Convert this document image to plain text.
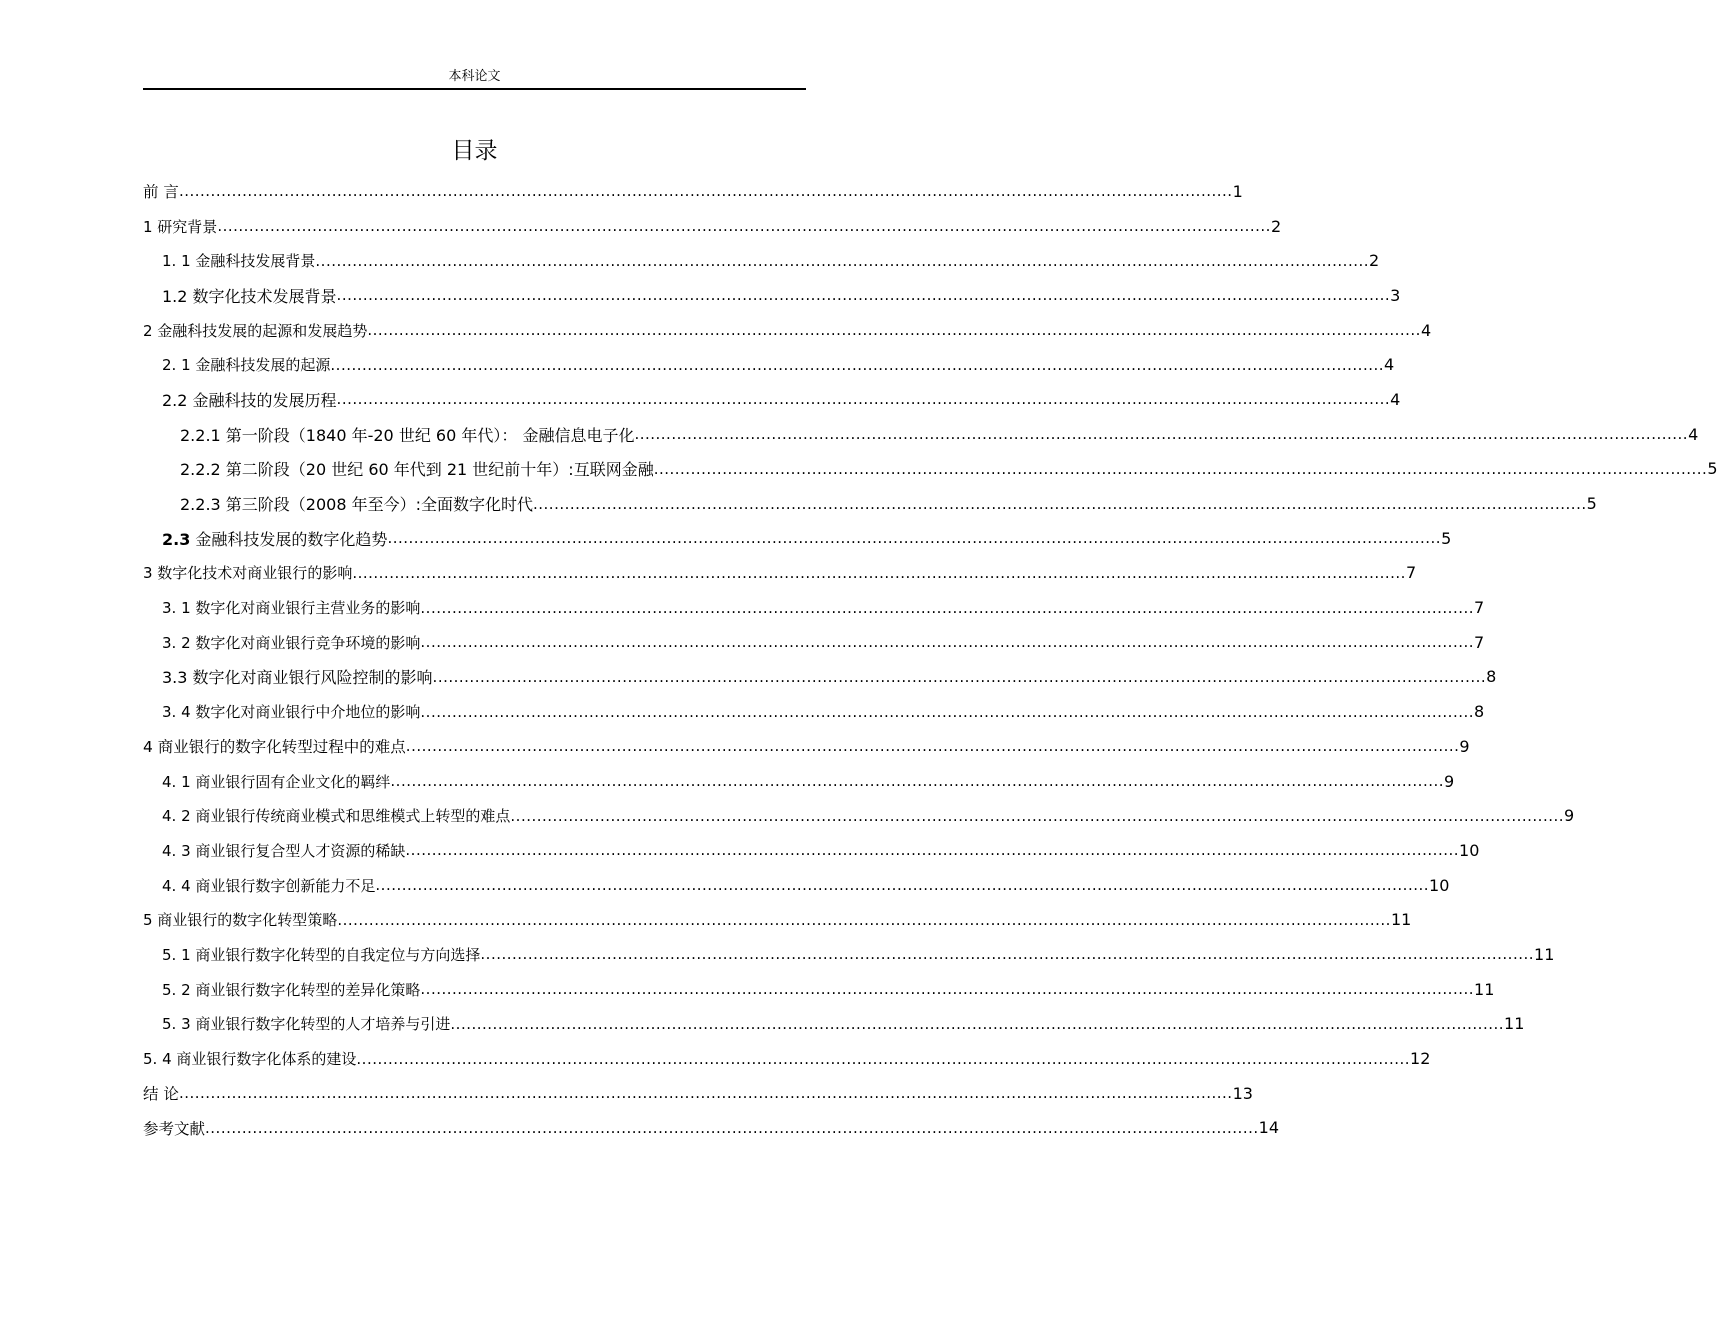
本科论文
目录
前 言 ........................................................................................................................................................................................................ 1
1 研究背景 ........................................................................................................................................................................................................ 2
1. 1 金融科技发展背景 ........................................................................................................................................................................................................ 2
1.2 数字化技术发展背景 ........................................................................................................................................................................................................ 3
2 金融科技发展的起源和发展趋势 ........................................................................................................................................................................................................ 4
2. 1 金融科技发展的起源 ........................................................................................................................................................................................................ 4
2.2 金融科技的发展历程 ........................................................................................................................................................................................................ 4
2.2.1 第一阶段（1840 年-20 世纪 60 年代）： 金融信息电子化 ........................................................................................................................................................................................................ 4
2.2.2 第二阶段（20 世纪 60 年代到 21 世纪前十年）:互联网金融 ........................................................................................................................................................................................................ 5
2.2.3 第三阶段（2008 年至今）:全面数字化时代 ........................................................................................................................................................................................................ 5
2.3 金融科技发展的数字化趋势 ........................................................................................................................................................................................................ 5
3 数字化技术对商业银行的影响 ........................................................................................................................................................................................................ 7
3. 1 数字化对商业银行主营业务的影响 ........................................................................................................................................................................................................ 7
3. 2 数字化对商业银行竞争环境的影响 ........................................................................................................................................................................................................ 7
3.3 数字化对商业银行风险控制的影响 ........................................................................................................................................................................................................ 8
3. 4 数字化对商业银行中介地位的影响 ........................................................................................................................................................................................................ 8
4 商业银行的数字化转型过程中的难点 ........................................................................................................................................................................................................ 9
4. 1 商业银行固有企业文化的羁绊 ........................................................................................................................................................................................................ 9
4. 2 商业银行传统商业模式和思维模式上转型的难点 ........................................................................................................................................................................................................ 9
4. 3 商业银行复合型人才资源的稀缺 ........................................................................................................................................................................................................ 10
4. 4 商业银行数字创新能力不足 ........................................................................................................................................................................................................ 10
5 商业银行的数字化转型策略 ........................................................................................................................................................................................................ 11
5. 1 商业银行数字化转型的自我定位与方向选择 ........................................................................................................................................................................................................ 11
5. 2 商业银行数字化转型的差异化策略 ........................................................................................................................................................................................................ 11
5. 3 商业银行数字化转型的人才培养与引进 ........................................................................................................................................................................................................ 11
5. 4 商业银行数字化体系的建设 ........................................................................................................................................................................................................ 12
结 论 ........................................................................................................................................................................................................ 13
参考文献 ........................................................................................................................................................................................................ 14
